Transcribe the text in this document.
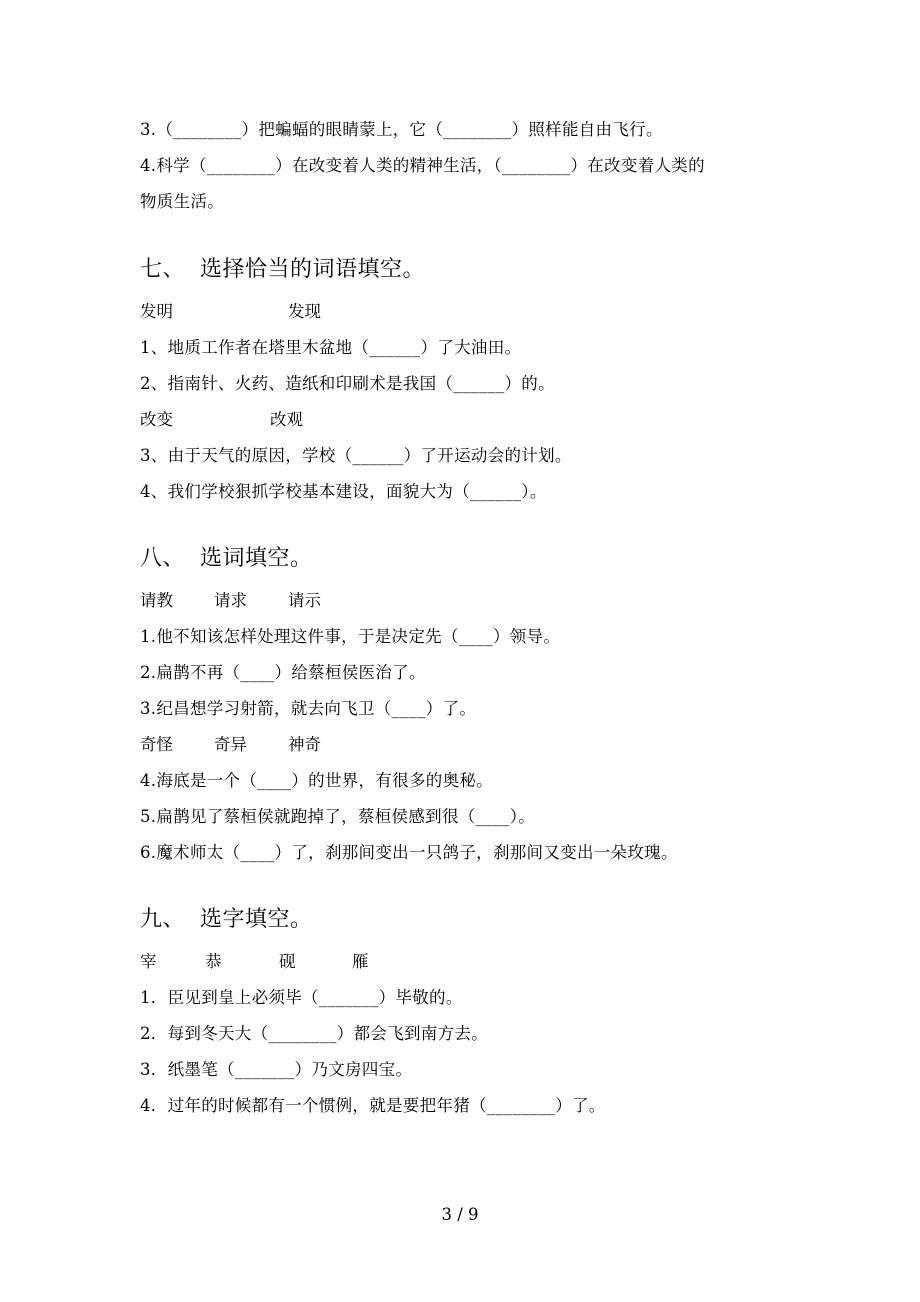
3.（________）把蝙蝠的眼睛蒙上，它（________）照样能自由飞行。
4.科学（________）在改变着人类的精神生活，（________）在改变着人类的
物质生活。
七、 选择恰当的词语填空。
发明	发现
1、地质工作者在塔里木盆地（______）了大油田。
2、指南针、火药、造纸和印刷术是我国（______）的。
改变	改观
3、由于天气的原因，学校（______）了开运动会的计划。
4、我们学校狠抓学校基本建设，面貌大为（______）。
八、 选词填空。
请教 请求 请示
1.他不知该怎样处理这件事，于是决定先（____）领导。
2.扁鹊不再（____）给蔡桓侯医治了。
3.纪昌想学习射箭，就去向飞卫（____）了。
奇怪 奇异 神奇
4.海底是一个（____）的世界，有很多的奥秘。
5.扁鹊见了蔡桓侯就跑掉了，蔡桓侯感到很（____）。
6.魔术师太（____）了，刹那间变出一只鸽子，刹那间又变出一朵玫瑰。
九、 选字填空。
宰	恭	砚	雁
1．臣见到皇上必须毕（_______）毕敬的。
2．每到冬天大（________）都会飞到南方去。
3．纸墨笔（_______）乃文房四宝。
4．过年的时候都有一个惯例，就是要把年猪（________）了。
3 / 9
